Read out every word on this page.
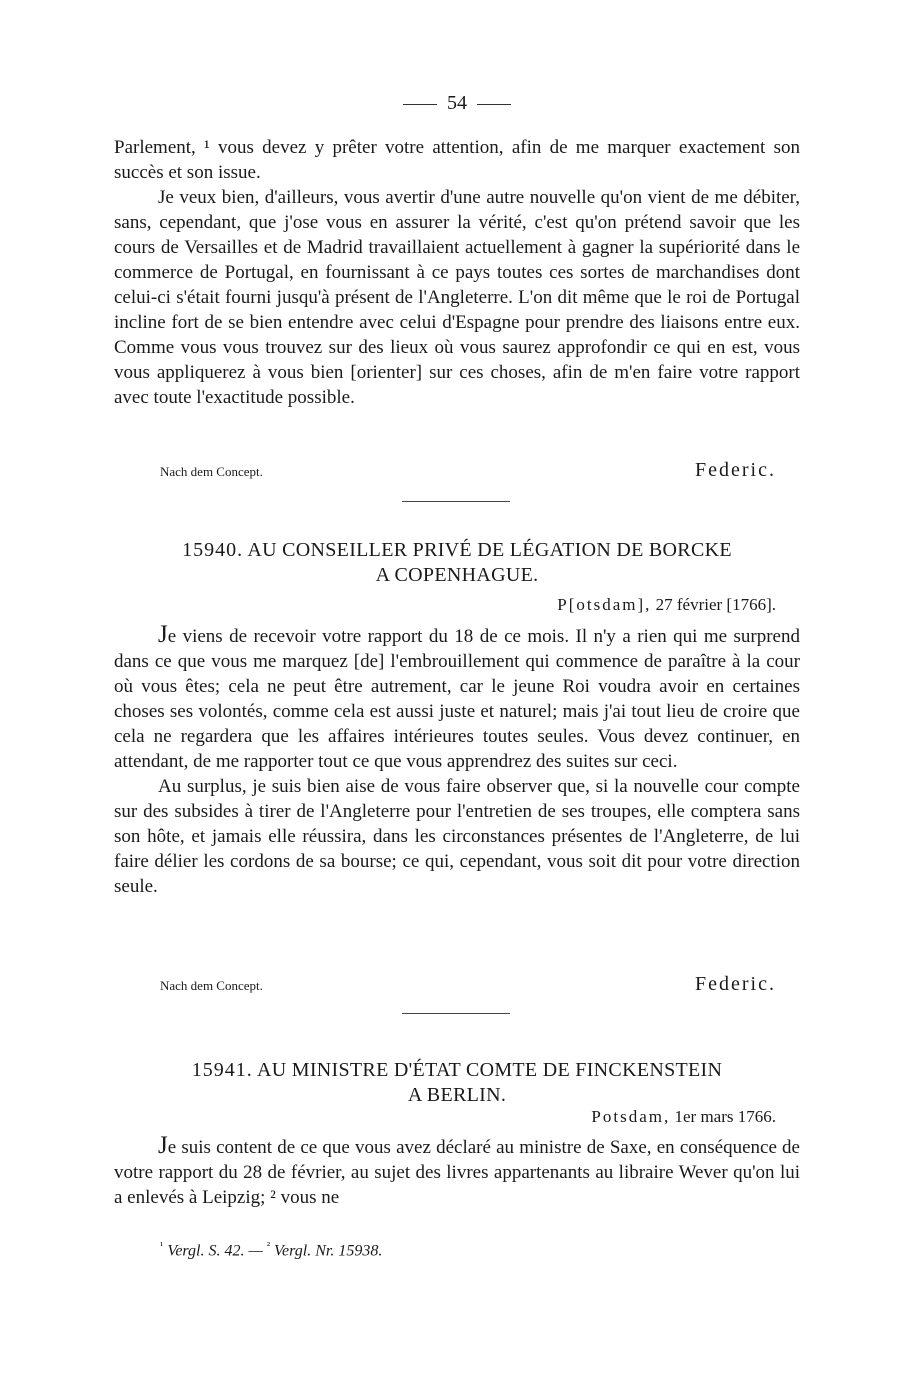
54

Parlement, ¹ vous devez y prêter votre attention, afin de me marquer exactement son succès et son issue.

Je veux bien, d'ailleurs, vous avertir d'une autre nouvelle qu'on vient de me débiter, sans, cependant, que j'ose vous en assurer la vérité, c'est qu'on prétend savoir que les cours de Versailles et de Madrid travaillaient actuellement à gagner la supériorité dans le commerce de Portugal, en fournissant à ce pays toutes ces sortes de marchandises dont celui-ci s'était fourni jusqu'à présent de l'Angleterre. L'on dit même que le roi de Portugal incline fort de se bien entendre avec celui d'Espagne pour prendre des liaisons entre eux. Comme vous vous trouvez sur des lieux où vous saurez approfondir ce qui en est, vous vous appliquerez à vous bien [orienter] sur ces choses, afin de m'en faire votre rapport avec toute l'exactitude possible.

Nach dem Concept.	Federic.
15940. AU CONSEILLER PRIVÉ DE LÉGATION DE BORCKE
A COPENHAGUE.
P[otsdam], 27 février [1766].

Je viens de recevoir votre rapport du 18 de ce mois. Il n'y a rien qui me surprend dans ce que vous me marquez [de] l'embrouillement qui commence de paraître à la cour où vous êtes; cela ne peut être autrement, car le jeune Roi voudra avoir en certaines choses ses volontés, comme cela est aussi juste et naturel; mais j'ai tout lieu de croire que cela ne regardera que les affaires intérieures toutes seules. Vous devez continuer, en attendant, de me rapporter tout ce que vous apprendrez des suites sur ceci.

Au surplus, je suis bien aise de vous faire observer que, si la nouvelle cour compte sur des subsides à tirer de l'Angleterre pour l'entretien de ses troupes, elle comptera sans son hôte, et jamais elle réussira, dans les circonstances présentes de l'Angleterre, de lui faire délier les cordons de sa bourse; ce qui, cependant, vous soit dit pour votre direction seule.

Nach dem Concept.	Federic.
15941. AU MINISTRE D'ÉTAT COMTE DE FINCKENSTEIN
A BERLIN.
Potsdam, 1er mars 1766.

Je suis content de ce que vous avez déclaré au ministre de Saxe, en conséquence de votre rapport du 28 de février, au sujet des livres appartenants au libraire Wever qu'on lui a enlevés à Leipzig; ² vous ne

$^{^1}$ Vergl. S. 42. — $^{^2}$ Vergl. Nr. 15938.
